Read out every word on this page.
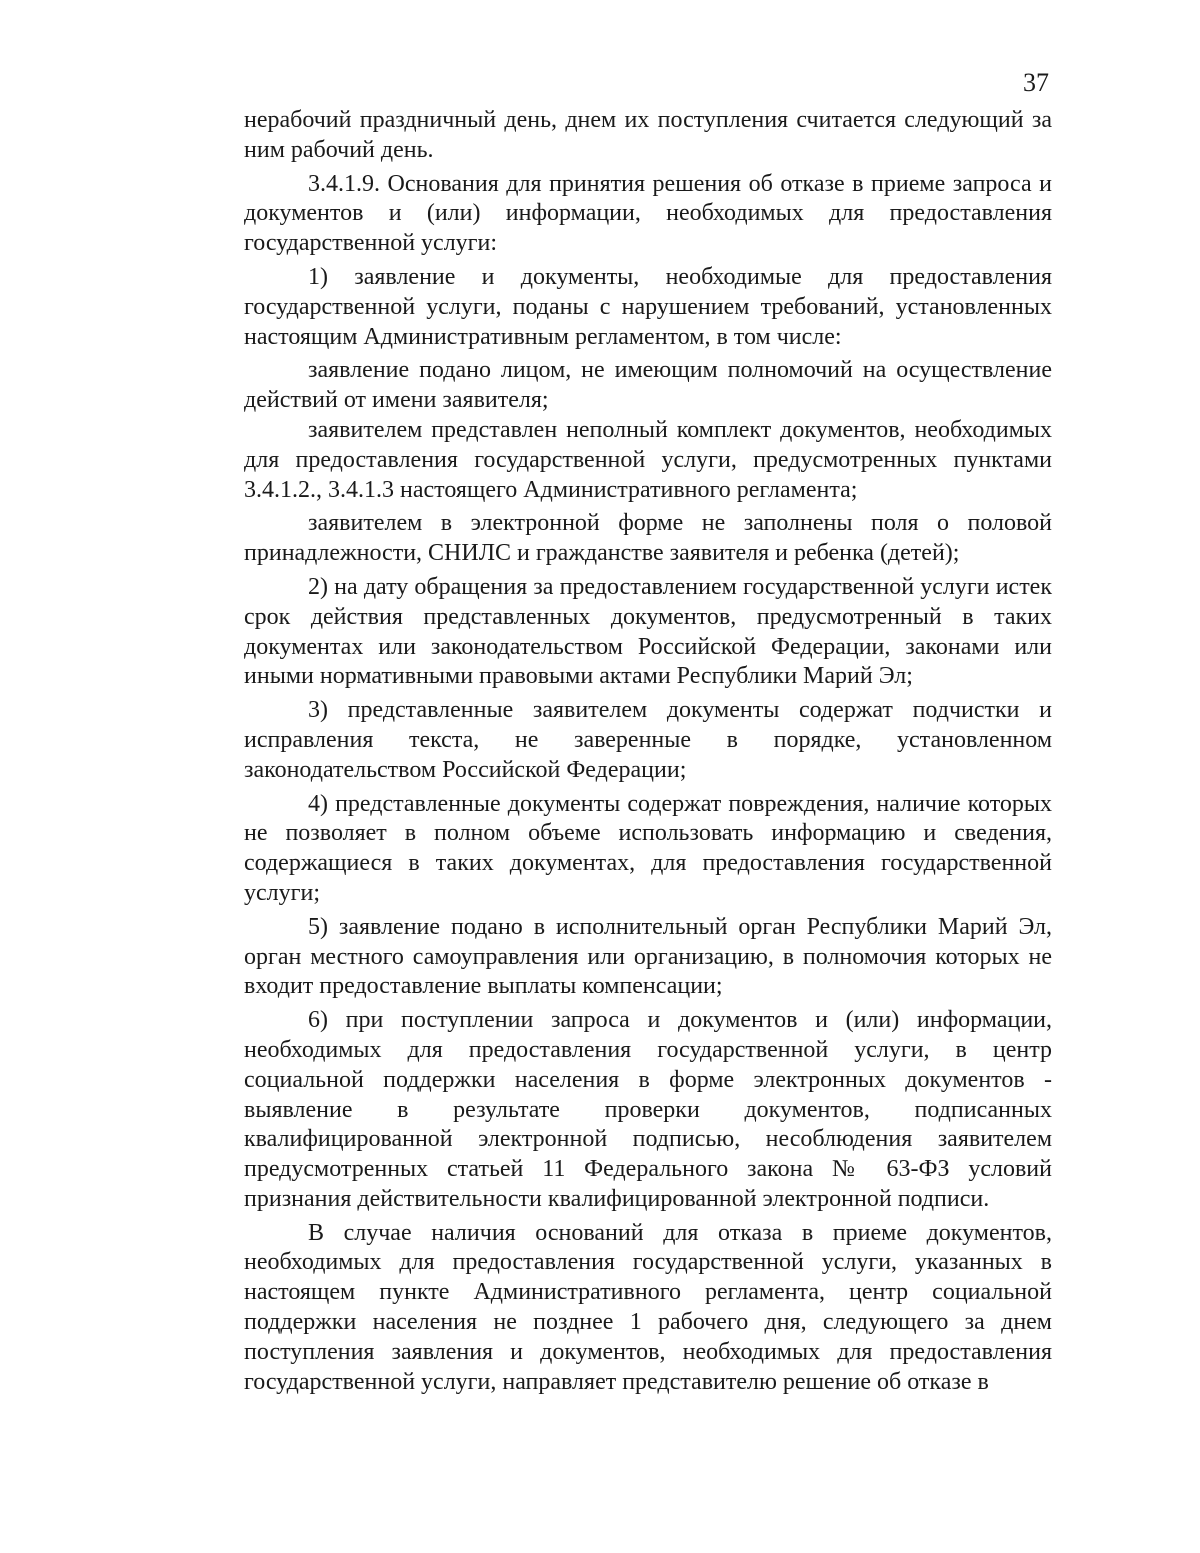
37

нерабочий праздничный день, днем их поступления считается следующий за ним рабочий день.

3.4.1.9. Основания для принятия решения об отказе в приеме запроса и документов и (или) информации, необходимых для предоставления государственной услуги:

1) заявление и документы, необходимые для предоставления государственной услуги, поданы с нарушением требований, установленных настоящим Административным регламентом, в том числе:

заявление подано лицом, не имеющим полномочий на осуществление действий от имени заявителя;

заявителем представлен неполный комплект документов, необходимых для предоставления государственной услуги, предусмотренных пунктами 3.4.1.2., 3.4.1.3 настоящего Административного регламента;

заявителем в электронной форме не заполнены поля о половой принадлежности, СНИЛС и гражданстве заявителя и ребенка (детей);

2) на дату обращения за предоставлением государственной услуги истек срок действия представленных документов, предусмотренный в таких документах или законодательством Российской Федерации, законами или иными нормативными правовыми актами Республики Марий Эл;

3) представленные заявителем документы содержат подчистки и исправления текста, не заверенные в порядке, установленном законодательством Российской Федерации;

4) представленные документы содержат повреждения, наличие которых не позволяет в полном объеме использовать информацию и сведения, содержащиеся в таких документах, для предоставления государственной услуги;

5) заявление подано в исполнительный орган Республики Марий Эл, орган местного самоуправления или организацию, в полномочия которых не входит предоставление выплаты компенсации;

6) при поступлении запроса и документов и (или) информации, необходимых для предоставления государственной услуги, в центр социальной поддержки населения в форме электронных документов - выявление в результате проверки документов, подписанных квалифицированной электронной подписью, несоблюдения заявителем предусмотренных статьей 11 Федерального закона № 63-ФЗ условий признания действительности квалифицированной электронной подписи.

В случае наличия оснований для отказа в приеме документов, необходимых для предоставления государственной услуги, указанных в настоящем пункте Административного регламента, центр социальной поддержки населения не позднее 1 рабочего дня, следующего за днем поступления заявления и документов, необходимых для предоставления государственной услуги, направляет представителю решение об отказе в
